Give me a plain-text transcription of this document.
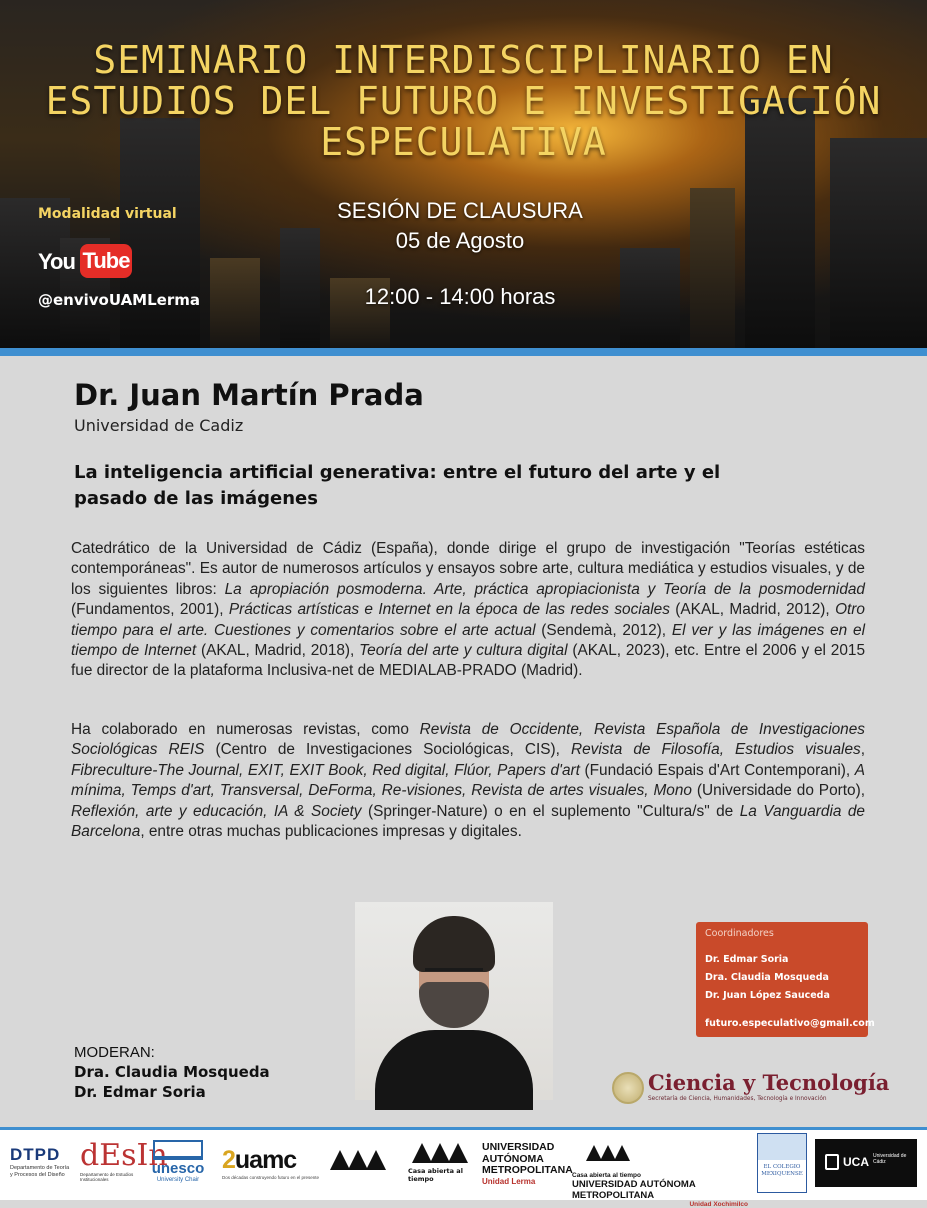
SEMINARIO INTERDISCIPLINARIO EN
ESTUDIOS DEL FUTURO E INVESTIGACIÓN
ESPECULATIVA
Modalidad virtual
You Tube
@envivoUAMLerma
SESIÓN DE CLAUSURA
05 de Agosto
12:00 - 14:00 horas
Dr. Juan Martín Prada
Universidad de Cadiz
La inteligencia artificial generativa: entre el futuro del arte y el pasado de las imágenes
Catedrático de la Universidad de Cádiz (España), donde dirige el grupo de investigación "Teorías estéticas contemporáneas". Es autor de numerosos artículos y ensayos sobre arte, cultura mediática y estudios visuales, y de los siguientes libros: La apropiación posmoderna. Arte, práctica apropiacionista y Teoría de la posmodernidad (Fundamentos, 2001), Prácticas artísticas e Internet en la época de las redes sociales (AKAL, Madrid, 2012), Otro tiempo para el arte. Cuestiones y comentarios sobre el arte actual (Sendemà, 2012), El ver y las imágenes en el tiempo de Internet (AKAL, Madrid, 2018), Teoría del arte y cultura digital (AKAL, 2023), etc. Entre el 2006 y el 2015 fue director de la plataforma Inclusiva-net de MEDIALAB-PRADO (Madrid).
Ha colaborado en numerosas revistas, como Revista de Occidente, Revista Española de Investigaciones Sociológicas REIS (Centro de Investigaciones Sociológicas, CIS), Revista de Filosofía, Estudios visuales, Fibreculture-The Journal, EXIT, EXIT Book, Red digital, Flúor, Papers d'art (Fundació Espais d'Art Contemporani), A mínima, Temps d'art, Transversal, DeForma, Re-visiones, Revista de artes visuales, Mono (Universidade do Porto), Reflexión, arte y educación, IA & Society (Springer-Nature) o en el suplemento "Cultura/s" de La Vanguardia de Barcelona, entre otras muchas publicaciones impresas y digitales.
MODERAN:
Dra. Claudia Mosqueda
Dr. Edmar Soria
Coordinadores
Dr. Edmar Soria
Dra. Claudia Mosqueda
Dr. Juan López Sauceda
futuro.especulativo@gmail.com
Ciencia y Tecnología
Secretaría de Ciencia, Humanidades, Tecnología e Innovación
DTPD
Departamento de Teoría y Procesos del Diseño
dEsIn
Departamento de Estudios Institucionales
unesco
University Chair
2uamc
Dos décadas construyendo futuro en el presente
Casa abierta al tiempo
UNIVERSIDAD AUTÓNOMA METROPOLITANA
Unidad Lerma
Casa abierta al tiempo
UNIVERSIDAD AUTÓNOMA METROPOLITANA
Unidad Xochimilco
EL COLEGIO MEXIQUENSE
UCA Universidad de Cádiz
